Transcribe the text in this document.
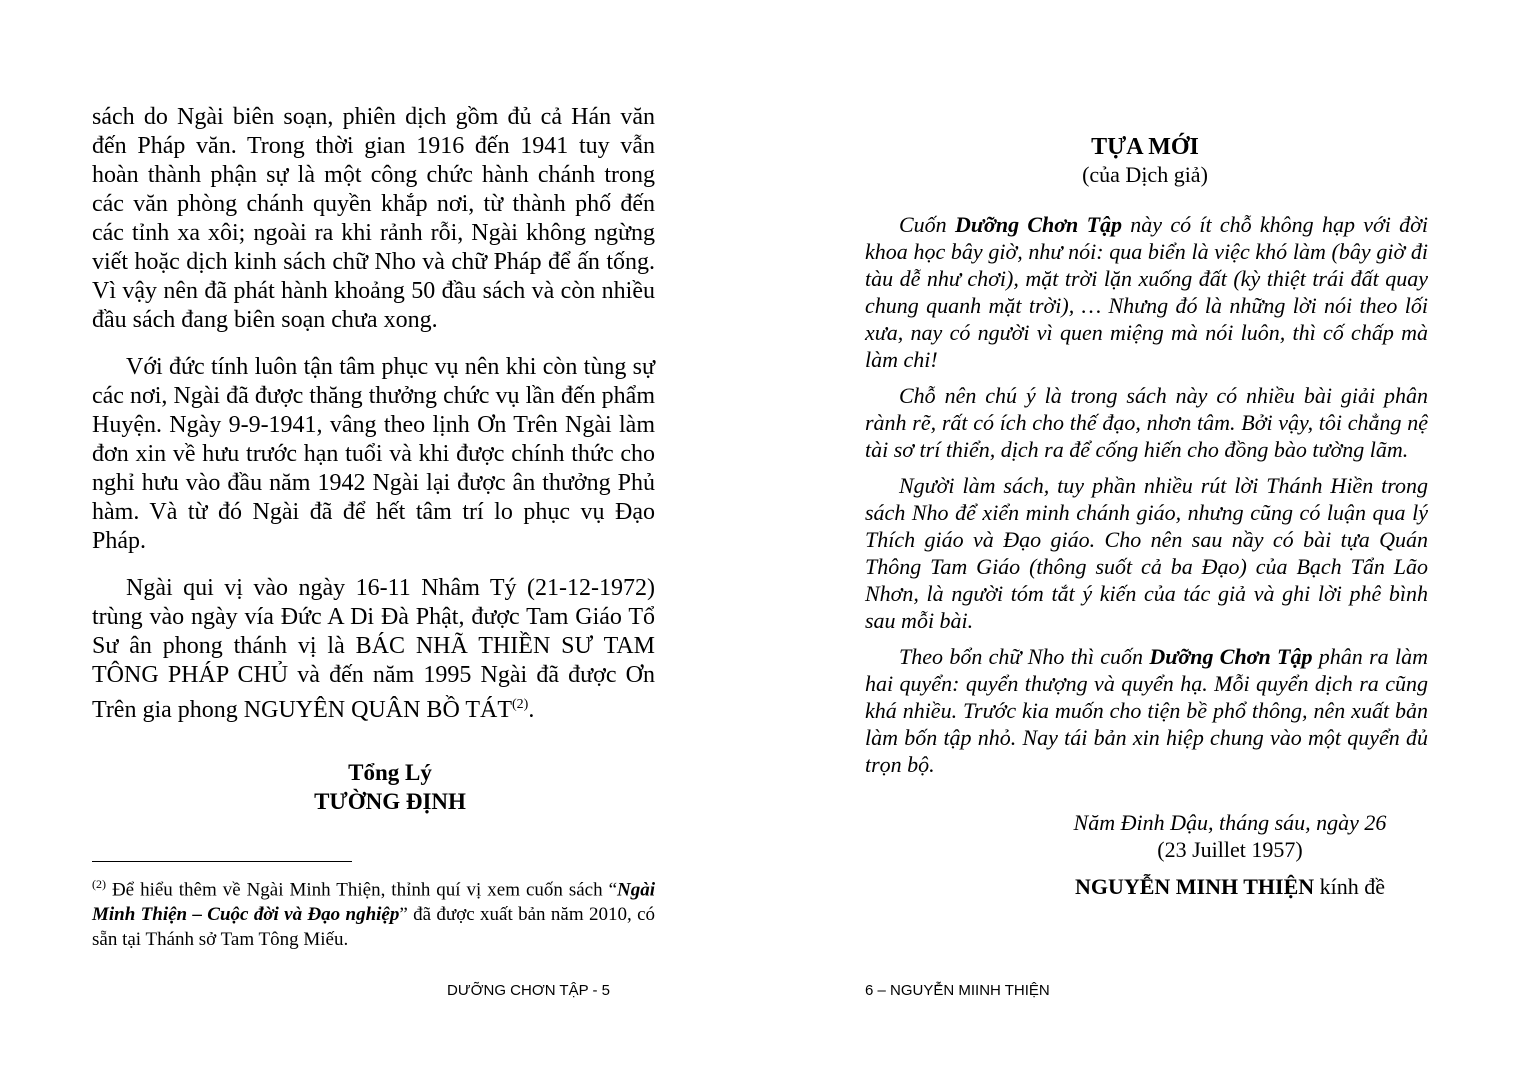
sách do Ngài biên soạn, phiên dịch gồm đủ cả Hán văn đến Pháp văn. Trong thời gian 1916 đến 1941 tuy vẫn hoàn thành phận sự là một công chức hành chánh trong các văn phòng chánh quyền khắp nơi, từ thành phố đến các tỉnh xa xôi; ngoài ra khi rảnh rỗi, Ngài không ngừng viết hoặc dịch kinh sách chữ Nho và chữ Pháp để ấn tống. Vì vậy nên đã phát hành khoảng 50 đầu sách và còn nhiều đầu sách đang biên soạn chưa xong.

Với đức tính luôn tận tâm phục vụ nên khi còn tùng sự các nơi, Ngài đã được thăng thưởng chức vụ lần đến phẩm Huyện. Ngày 9-9-1941, vâng theo lịnh Ơn Trên Ngài làm đơn xin về hưu trước hạn tuổi và khi được chính thức cho nghỉ hưu vào đầu năm 1942 Ngài lại được ân thưởng Phủ hàm. Và từ đó Ngài đã để hết tâm trí lo phục vụ Đạo Pháp.

Ngài qui vị vào ngày 16-11 Nhâm Tý (21-12-1972) trùng vào ngày vía Đức A Di Đà Phật, được Tam Giáo Tổ Sư ân phong thánh vị là BÁC NHÃ THIỀN SƯ TAM TÔNG PHÁP CHỦ và đến năm 1995 Ngài đã được Ơn Trên gia phong NGUYÊN QUÂN BỒ TÁT$^{(2)}$.

Tổng Lý
TƯỜNG ĐỊNH

$^{(2)}$ Để hiểu thêm về Ngài Minh Thiện, thỉnh quí vị xem cuốn sách “Ngài Minh Thiện – Cuộc đời và Đạo nghiệp” đã được xuất bản năm 2010, có sẵn tại Thánh sở Tam Tông Miếu.

DƯỠNG CHƠN TẬP - 5
TỰA MỚI
(của Dịch giả)

Cuốn Dưỡng Chơn Tập này có ít chỗ không hạp với đời khoa học bây giờ, như nói: qua biển là việc khó làm (bây giờ đi tàu dễ như chơi), mặt trời lặn xuống đất (kỳ thiệt trái đất quay chung quanh mặt trời), … Nhưng đó là những lời nói theo lối xưa, nay có người vì quen miệng mà nói luôn, thì cố chấp mà làm chi!

Chỗ nên chú ý là trong sách này có nhiều bài giải phân rành rẽ, rất có ích cho thế đạo, nhơn tâm. Bởi vậy, tôi chẳng nệ tài sơ trí thiển, dịch ra để cống hiến cho đồng bào tường lãm.

Người làm sách, tuy phần nhiều rút lời Thánh Hiền trong sách Nho để xiển minh chánh giáo, nhưng cũng có luận qua lý Thích giáo và Đạo giáo. Cho nên sau nầy có bài tựa Quán Thông Tam Giáo (thông suốt cả ba Đạo) của Bạch Tẩn Lão Nhơn, là người tóm tắt ý kiến của tác giả và ghi lời phê bình sau mỗi bài.

Theo bổn chữ Nho thì cuốn Dưỡng Chơn Tập phân ra làm hai quyển: quyển thượng và quyển hạ. Mỗi quyển dịch ra cũng khá nhiều. Trước kia muốn cho tiện bề phổ thông, nên xuất bản làm bốn tập nhỏ. Nay tái bản xin hiệp chung vào một quyển đủ trọn bộ.

Năm Đinh Dậu, tháng sáu, ngày 26
(23 Juillet 1957)
NGUYỄN MINH THIỆN kính đề
6 – NGUYỄN MIINH THIỆN
